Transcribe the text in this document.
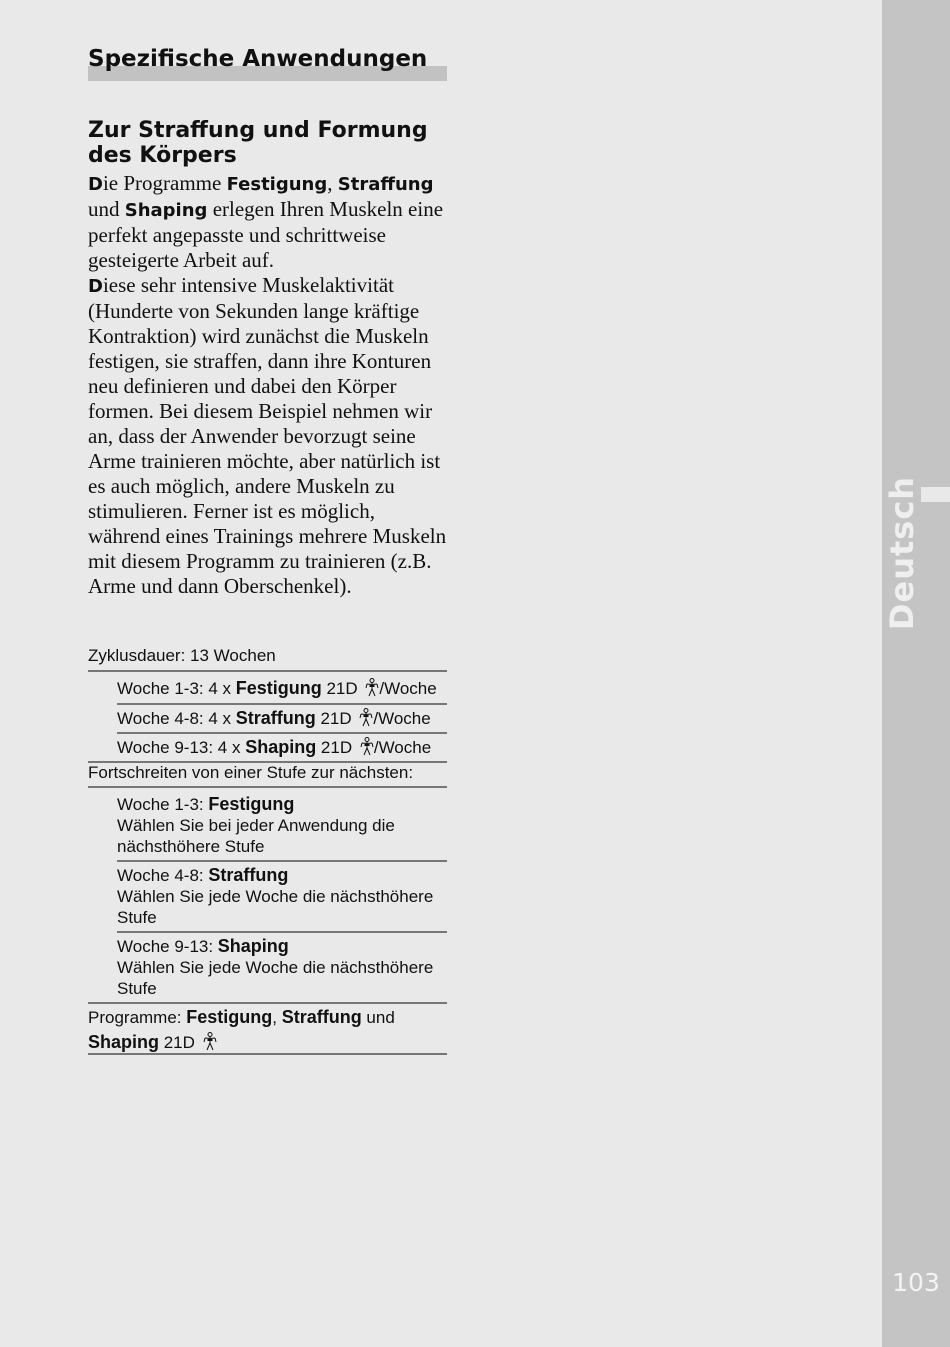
Deutsch
103
Spezifische Anwendungen
Zur Straffung und Formung des Körpers

Die Programme Festigung, Straffung und Shaping erlegen Ihren Muskeln eine perfekt angepasste und schrittweise gesteigerte Arbeit auf.

Diese sehr intensive Muskelaktivität (Hunderte von Sekunden lange kräftige Kontraktion) wird zunächst die Muskeln festigen, sie straffen, dann ihre Konturen neu definieren und dabei den Körper formen. Bei diesem Beispiel nehmen wir an, dass der Anwender bevorzugt seine Arme trainieren möchte, aber natürlich ist es auch möglich, andere Muskeln zu stimulieren. Ferner ist es möglich, während eines Trainings mehrere Muskeln mit diesem Programm zu trainieren (z.B. Arme und dann Oberschenkel).

Zyklusdauer: 13 Wochen
Woche 1-3: 4 x Festigung 21D
/Woche
Woche 4-8: 4 x Straffung 21D
/Woche
Woche 9-13: 4 x Shaping 21D
/Woche
Fortschreiten von einer Stufe zur nächsten:
Woche 1-3: Festigung
Wählen Sie bei jeder Anwendung die nächsthöhere Stufe
Woche 4-8: Straffung
Wählen Sie jede Woche die nächsthöhere Stufe
Woche 9-13: Shaping
Wählen Sie jede Woche die nächsthöhere Stufe
Programme: Festigung, Straffung und
Shaping 21D
